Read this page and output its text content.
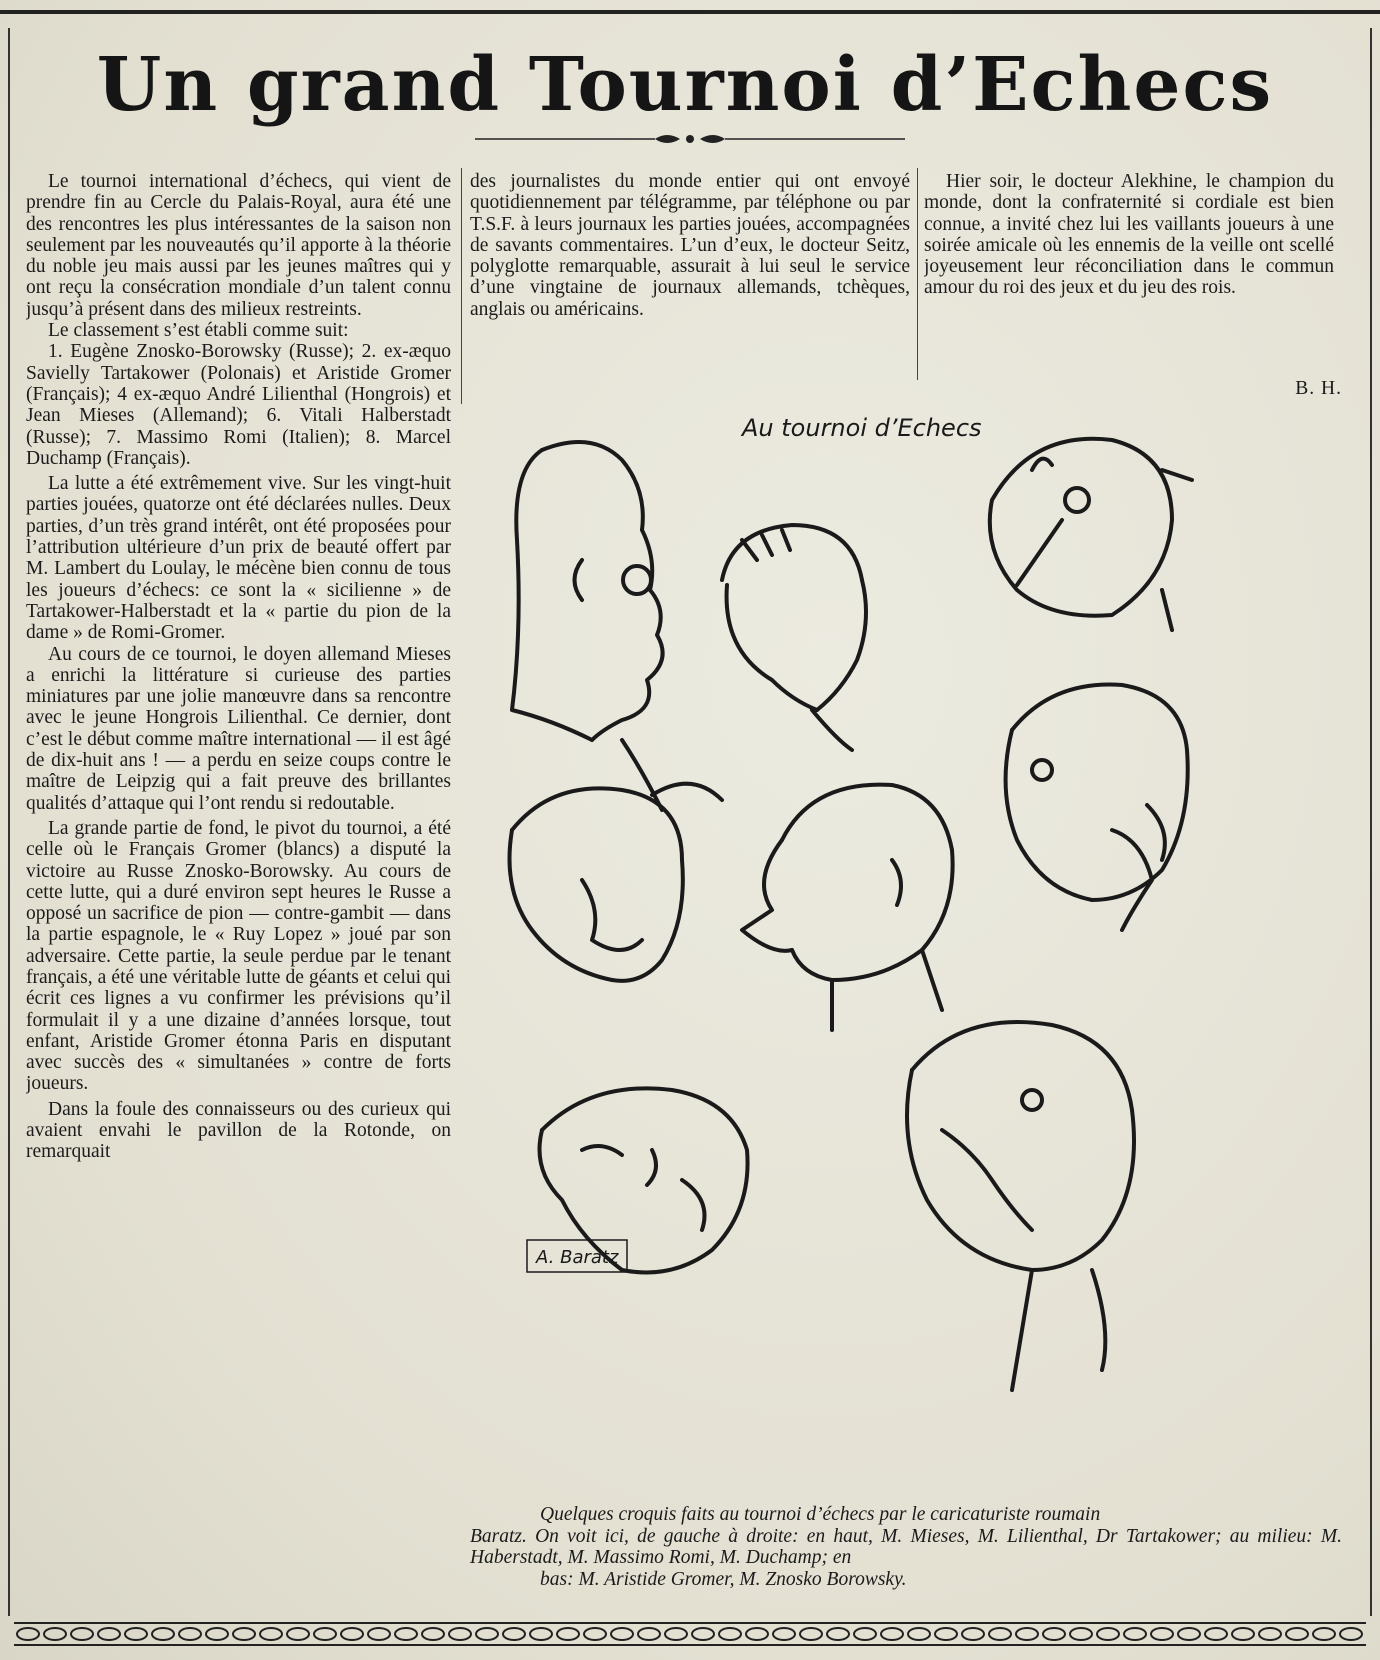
Un grand Tournoi d’Echecs

Le tournoi international d’échecs, qui vient de prendre fin au Cercle du Palais-Royal, aura été une des rencontres les plus intéressantes de la saison non seulement par les nouveautés qu’il apporte à la théorie du noble jeu mais aussi par les jeunes maîtres qui y ont reçu la consécration mondiale d’un talent connu jusqu’à présent dans des milieux restreints.

Le classement s’est établi comme suit:

1. Eugène Znosko-Borowsky (Russe); 2. ex-æquo Savielly Tartakower (Polonais) et Aristide Gromer (Français); 4 ex-æquo André Lilienthal (Hongrois) et Jean Mieses (Allemand); 6. Vitali Halberstadt (Russe); 7. Massimo Romi (Italien); 8. Marcel Duchamp (Français).

La lutte a été extrêmement vive. Sur les vingt-huit parties jouées, quatorze ont été déclarées nulles. Deux parties, d’un très grand intérêt, ont été proposées pour l’attribution ultérieure d’un prix de beauté offert par M. Lambert du Loulay, le mécène bien connu de tous les joueurs d’échecs: ce sont la « sicilienne » de Tartakower-Halberstadt et la « partie du pion de la dame » de Romi-Gromer.

Au cours de ce tournoi, le doyen allemand Mieses a enrichi la littérature si curieuse des parties miniatures par une jolie manœuvre dans sa rencontre avec le jeune Hongrois Lilienthal. Ce dernier, dont c’est le début comme maître international — il est âgé de dix-huit ans ! — a perdu en seize coups contre le maître de Leipzig qui a fait preuve des brillantes qualités d’attaque qui l’ont rendu si redoutable.

La grande partie de fond, le pivot du tournoi, a été celle où le Français Gromer (blancs) a disputé la victoire au Russe Znosko-Borowsky. Au cours de cette lutte, qui a duré environ sept heures le Russe a opposé un sacrifice de pion — contre-gambit — dans la partie espagnole, le « Ruy Lopez » joué par son adversaire. Cette partie, la seule perdue par le tenant français, a été une véritable lutte de géants et celui qui écrit ces lignes a vu confirmer les prévisions qu’il formulait il y a une dizaine d’années lorsque, tout enfant, Aristide Gromer étonna Paris en disputant avec succès des « simultanées » contre de forts joueurs.

Dans la foule des connaisseurs ou des curieux qui avaient envahi le pavillon de la Rotonde, on remarquait

des journalistes du monde entier qui ont envoyé quotidiennement par télégramme, par téléphone ou par T.S.F. à leurs journaux les parties jouées, accompagnées de savants commentaires. L’un d’eux, le docteur Seitz, polyglotte remarquable, assurait à lui seul le service d’une vingtaine de journaux allemands, tchèques, anglais ou américains.

Hier soir, le docteur Alekhine, le champion du monde, dont la confraternité si cordiale est bien connue, a invité chez lui les vaillants joueurs à une soirée amicale où les ennemis de la veille ont scellé joyeusement leur réconciliation dans le commun amour du roi des jeux et du jeu des rois.

B. H.
Au tournoi d’Echecs
A. Baratz
Quelques croquis faits au tournoi d’échecs par le caricaturiste roumain
Baratz. On voit ici, de gauche à droite: en haut, M. Mieses, M. Lilienthal, Dr Tartakower; au milieu: M. Haberstadt, M. Massimo Romi, M. Duchamp; en
bas: M. Aristide Gromer, M. Znosko Borowsky.
